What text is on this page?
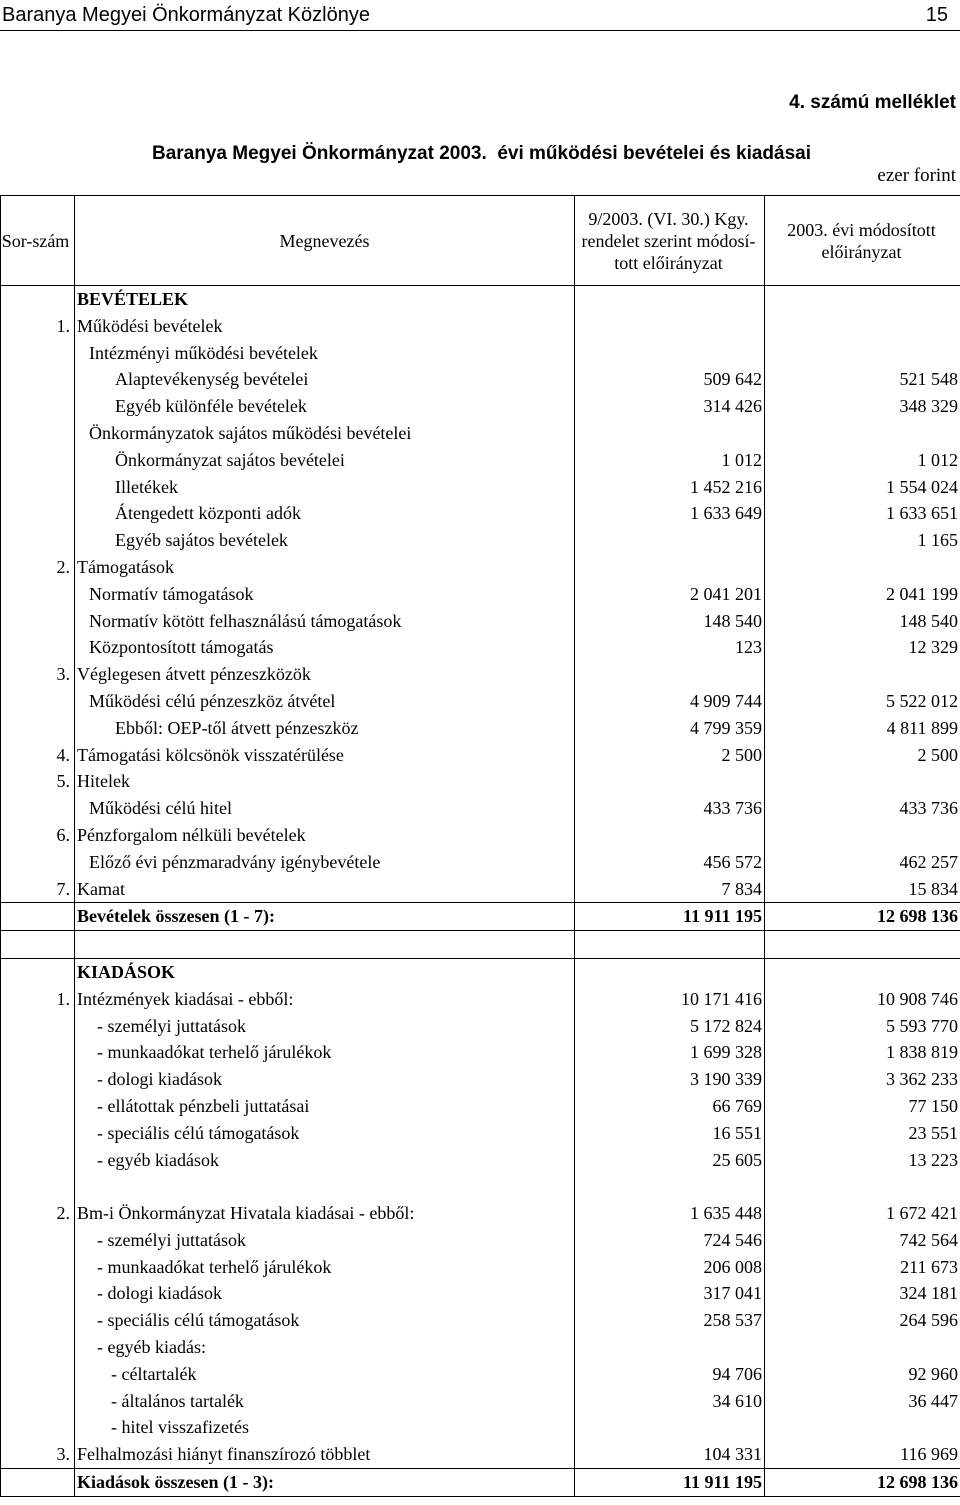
Baranya Megyei Önkormányzat Közlönye	15
4. számú melléklet
Baranya Megyei Önkormányzat 2003.  évi működési bevételei és kiadásai
ezer forint
Sor-szám	Megnevezés	9/2003. (VI. 30.) Kgy. rendelet szerint módosí-tott előirányzat	2003. évi módosított előirányzat
	BEVÉTELEK		
1.	Működési bevételek		
	Intézményi működési bevételek		
	Alaptevékenység bevételei	509 642	521 548
	Egyéb különféle bevételek	314 426	348 329
	Önkormányzatok sajátos működési bevételei		
	Önkormányzat sajátos bevételei	1 012	1 012
	Illetékek	1 452 216	1 554 024
	Átengedett központi adók	1 633 649	1 633 651
	Egyéb sajátos bevételek		1 165
2.	Támogatások		
	Normatív támogatások	2 041 201	2 041 199
	Normatív kötött felhasználású támogatások	148 540	148 540
	Központosított támogatás	123	12 329
3.	Véglegesen átvett pénzeszközök		
	Működési célú pénzeszköz átvétel	4 909 744	5 522 012
	Ebből: OEP-től átvett pénzeszköz	4 799 359	4 811 899
4.	Támogatási kölcsönök visszatérülése	2 500	2 500
5.	Hitelek		
	Működési célú hitel	433 736	433 736
6.	Pénzforgalom nélküli bevételek		
	Előző évi pénzmaradvány igénybevétele	456 572	462 257
7.	Kamat	7 834	15 834
	Bevételek összesen (1 - 7):	11 911 195	12 698 136

	KIADÁSOK		
1.	Intézmények kiadásai - ebből:	10 171 416	10 908 746
	- személyi juttatások	5 172 824	5 593 770
	- munkaadókat terhelő járulékok	1 699 328	1 838 819
	- dologi kiadások	3 190 339	3 362 233
	- ellátottak pénzbeli juttatásai	66 769	77 150
	- speciális célú támogatások	16 551	23 551
	- egyéb kiadások	25 605	13 223

2.	Bm-i Önkormányzat Hivatala kiadásai - ebből:	1 635 448	1 672 421
	- személyi juttatások	724 546	742 564
	- munkaadókat terhelő járulékok	206 008	211 673
	- dologi kiadások	317 041	324 181
	- speciális célú támogatások	258 537	264 596
	- egyéb kiadás:		
	- céltartalék	94 706	92 960
	- általános tartalék	34 610	36 447
	- hitel visszafizetés		
3.	Felhalmozási hiányt finanszírozó többlet	104 331	116 969
	Kiadások összesen (1 - 3):	11 911 195	12 698 136
